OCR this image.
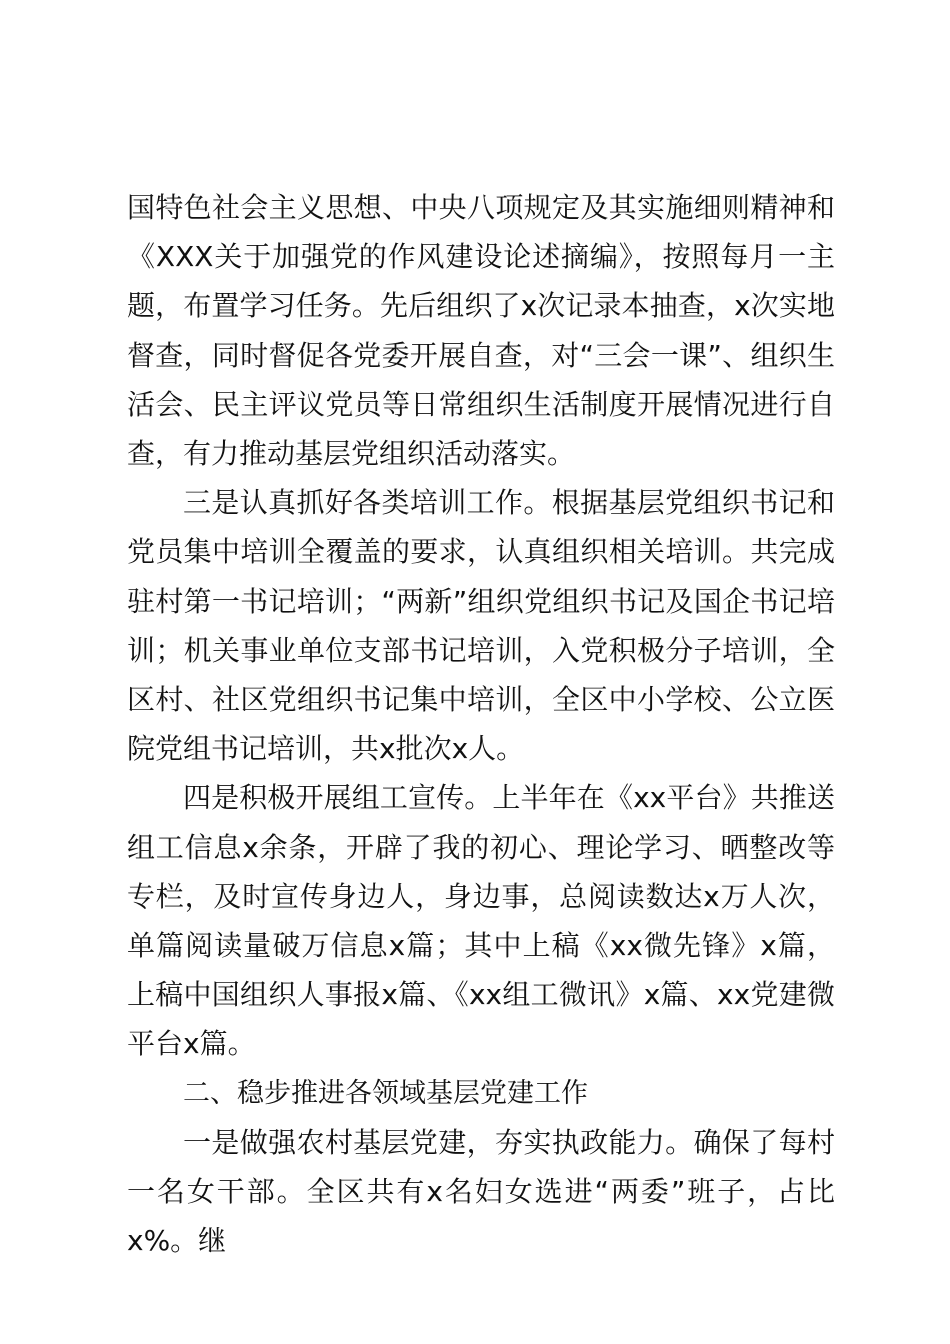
国特色社会主义思想、中央八项规定及其实施细则精神和《XXX关于加强党的作风建设论述摘编》，按照每月一主题，布置学习任务。先后组织了x次记录本抽查，x次实地督查，同时督促各党委开展自查，对“三会一课”、组织生活会、民主评议党员等日常组织生活制度开展情况进行自查，有力推动基层党组织活动落实。

三是认真抓好各类培训工作。根据基层党组织书记和党员集中培训全覆盖的要求，认真组织相关培训。共完成驻村第一书记培训；“两新”组织党组织书记及国企书记培训；机关事业单位支部书记培训，入党积极分子培训，全区村、社区党组织书记集中培训，全区中小学校、公立医院党组书记培训，共x批次x人。

四是积极开展组工宣传。上半年在《xx平台》共推送组工信息x余条，开辟了我的初心、理论学习、晒整改等专栏，及时宣传身边人，身边事，总阅读数达x万人次，单篇阅读量破万信息x篇；其中上稿《xx微先锋》x篇，上稿中国组织人事报x篇、《xx组工微讯》x篇、xx党建微平台x篇。

二、稳步推进各领域基层党建工作

一是做强农村基层党建，夯实执政能力。确保了每村一名女干部。全区共有x名妇女选进“两委”班子，占比x%。继
